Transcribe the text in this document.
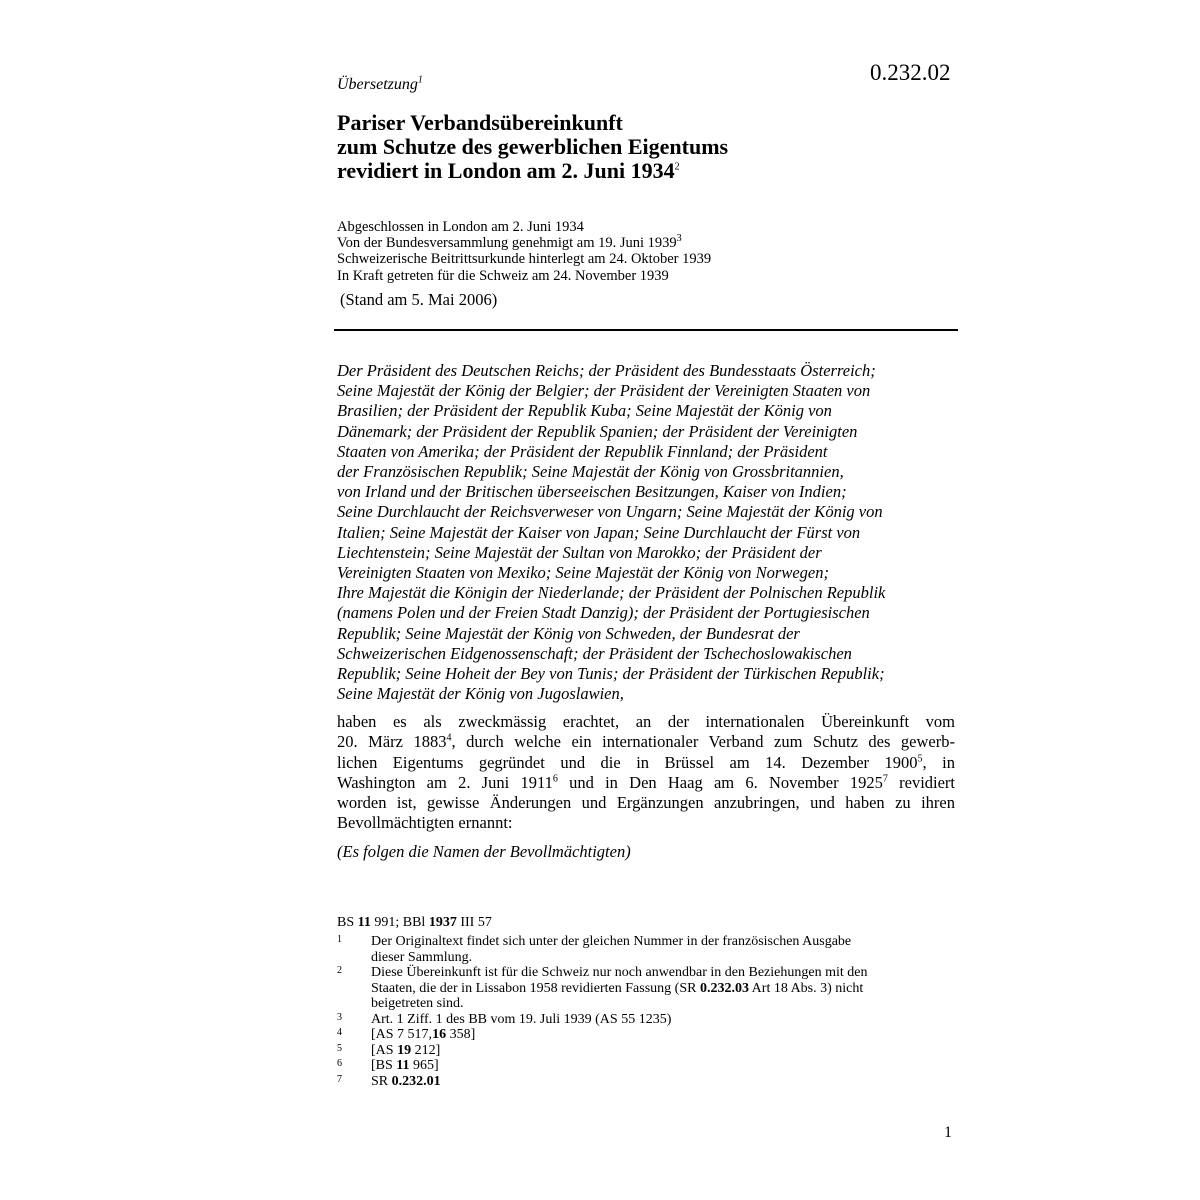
0.232.02
Übersetzung$^1$
Pariser Verbandsübereinkunft
zum Schutze des gewerblichen Eigentums
revidiert in London am 2. Juni 1934$^2$
Abgeschlossen in London am 2. Juni 1934
Von der Bundesversammlung genehmigt am 19. Juni 1939$^3$
Schweizerische Beitrittsurkunde hinterlegt am 24. Oktober 1939
In Kraft getreten für die Schweiz am 24. November 1939
(Stand am 5. Mai 2006)
Der Präsident des Deutschen Reichs; der Präsident des Bundesstaats Österreich;
Seine Majestät der König der Belgier; der Präsident der Vereinigten Staaten von
Brasilien; der Präsident der Republik Kuba; Seine Majestät der König von
Dänemark; der Präsident der Republik Spanien; der Präsident der Vereinigten
Staaten von Amerika; der Präsident der Republik Finnland; der Präsident
der Französischen Republik; Seine Majestät der König von Grossbritannien,
von Irland und der Britischen überseeischen Besitzungen, Kaiser von Indien;
Seine Durchlaucht der Reichsverweser von Ungarn; Seine Majestät der König von
Italien; Seine Majestät der Kaiser von Japan; Seine Durchlaucht der Fürst von
Liechtenstein; Seine Majestät der Sultan von Marokko; der Präsident der
Vereinigten Staaten von Mexiko; Seine Majestät der König von Norwegen;
Ihre Majestät die Königin der Niederlande; der Präsident der Polnischen Republik
(namens Polen und der Freien Stadt Danzig); der Präsident der Portugiesischen
Republik; Seine Majestät der König von Schweden, der Bundesrat der
Schweizerischen Eidgenossenschaft; der Präsident der Tschechoslowakischen
Republik; Seine Hoheit der Bey von Tunis; der Präsident der Türkischen Republik;
Seine Majestät der König von Jugoslawien,
haben es als zweckmässig erachtet, an der internationalen Übereinkunft vom
20. März 1883$^4$, durch welche ein internationaler Verband zum Schutz des gewerb-
lichen Eigentums gegründet und die in Brüssel am 14. Dezember 1900$^5$, in
Washington am 2. Juni 1911$^6$ und in Den Haag am 6. November 1925$^7$ revidiert
worden ist, gewisse Änderungen und Ergänzungen anzubringen, und haben zu ihren
Bevollmächtigten ernannt:
(Es folgen die Namen der Bevollmächtigten)
BS 11 991; BBl 1937 III 57
1	Der Originaltext findet sich unter der gleichen Nummer in der französischen Ausgabe
dieser Sammlung.
2	Diese Übereinkunft ist für die Schweiz nur noch anwendbar in den Beziehungen mit den
Staaten, die der in Lissabon 1958 revidierten Fassung (SR 0.232.03 Art 18 Abs. 3) nicht
beigetreten sind.
3	Art. 1 Ziff. 1 des BB vom 19. Juli 1939 (AS 55 1235)
4	[AS 7 517,16 358]
5	[AS 19 212]
6	[BS 11 965]
7	SR 0.232.01
1
